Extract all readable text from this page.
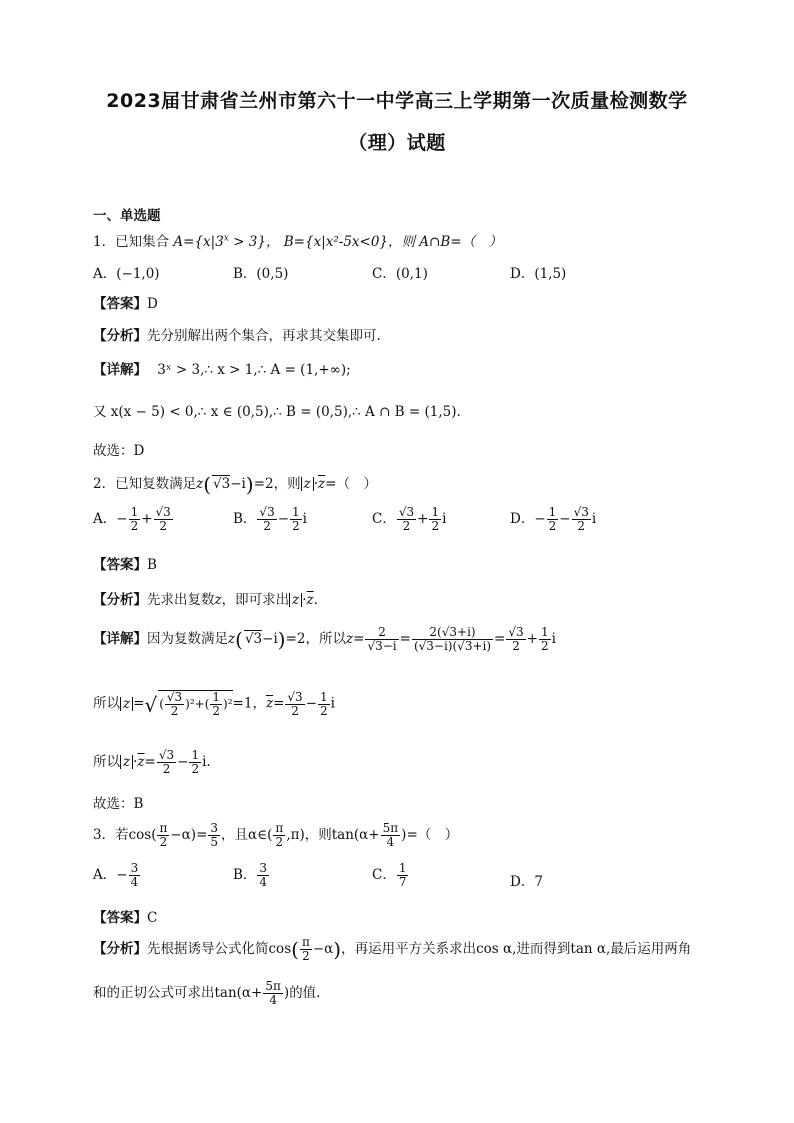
2023届甘肃省兰州市第六十一中学高三上学期第一次质量检测数学
（理）试题
一、单选题
1．已知集合 $A=\{x|3^x > 3\}$， B={x|x²-5x<0}，则 A∩B=（　）
A．(−1,0)	B．(0,5)	C．(0,1)	D．(1,5)
【答案】D
【分析】先分别解出两个集合，再求其交集即可.
【详解】 3ˣ > 3,∴ x > 1,∴ A = (1,+∞);
又 x(x − 5) < 0,∴ x ∈ (0,5),∴ B = (0,5),∴ A ∩ B = (1,5).
故选：D
2．已知复数满足z( √ 3−i)=2，则 $z \cdot\overline{z}=$（　）
A．− $\frac{1}{2}$ + √ $\frac{3}{2}$	B． √ $\frac{3}{2} - \frac{1}{2}$ i	C． √ $\frac{3}{2} + \frac{1}{2}$ i	D．− $\frac{1}{2}$ − √ $\frac{3}{2}$ i
【答案】B
【分析】先求出复数z，即可求出 $z \cdot\overline{z}$.
【详解】因为复数满足z( √ 3−i)=2，所以z= 2
√ $3-i = \frac{2( √ 3+i)}{( √ 3-i)( √ 3+i)}$ = √ $\frac{3}{2} + \frac{1}{2}$ i
所以 z = √ ( √ $\frac{3}{2} )^2+( \frac{1}{2} )^2=1$，$\overline{z}=$ √ $\frac{3}{2} - \frac{1}{2}$ i
所以 $z \cdot\overline{z}=$ √ $\frac{3}{2} - \frac{1}{2} i$.
故选：B
3．若$\cos( \frac{\pi}{2} -\alpha)= \frac{3}{5}$ ，且α∈( $\frac{\pi}{2} ,\pi$)，则$\tan(\alpha+ \frac{5\pi}{4}$ )=（　）
A．− $\frac{3}{4}$	B． $\frac{3}{4}$	C． $\frac{1}{7}$	D．7
【答案】C
【分析】先根据诱导公式化简$\cos( \frac{\pi}{2} -\alpha)$，再运用平方关系求出cos α,进而得到tan α,最后运用两角
和的正切公式可求出$\tan(\alpha+ \frac{5\pi}{4}$ )的值.
